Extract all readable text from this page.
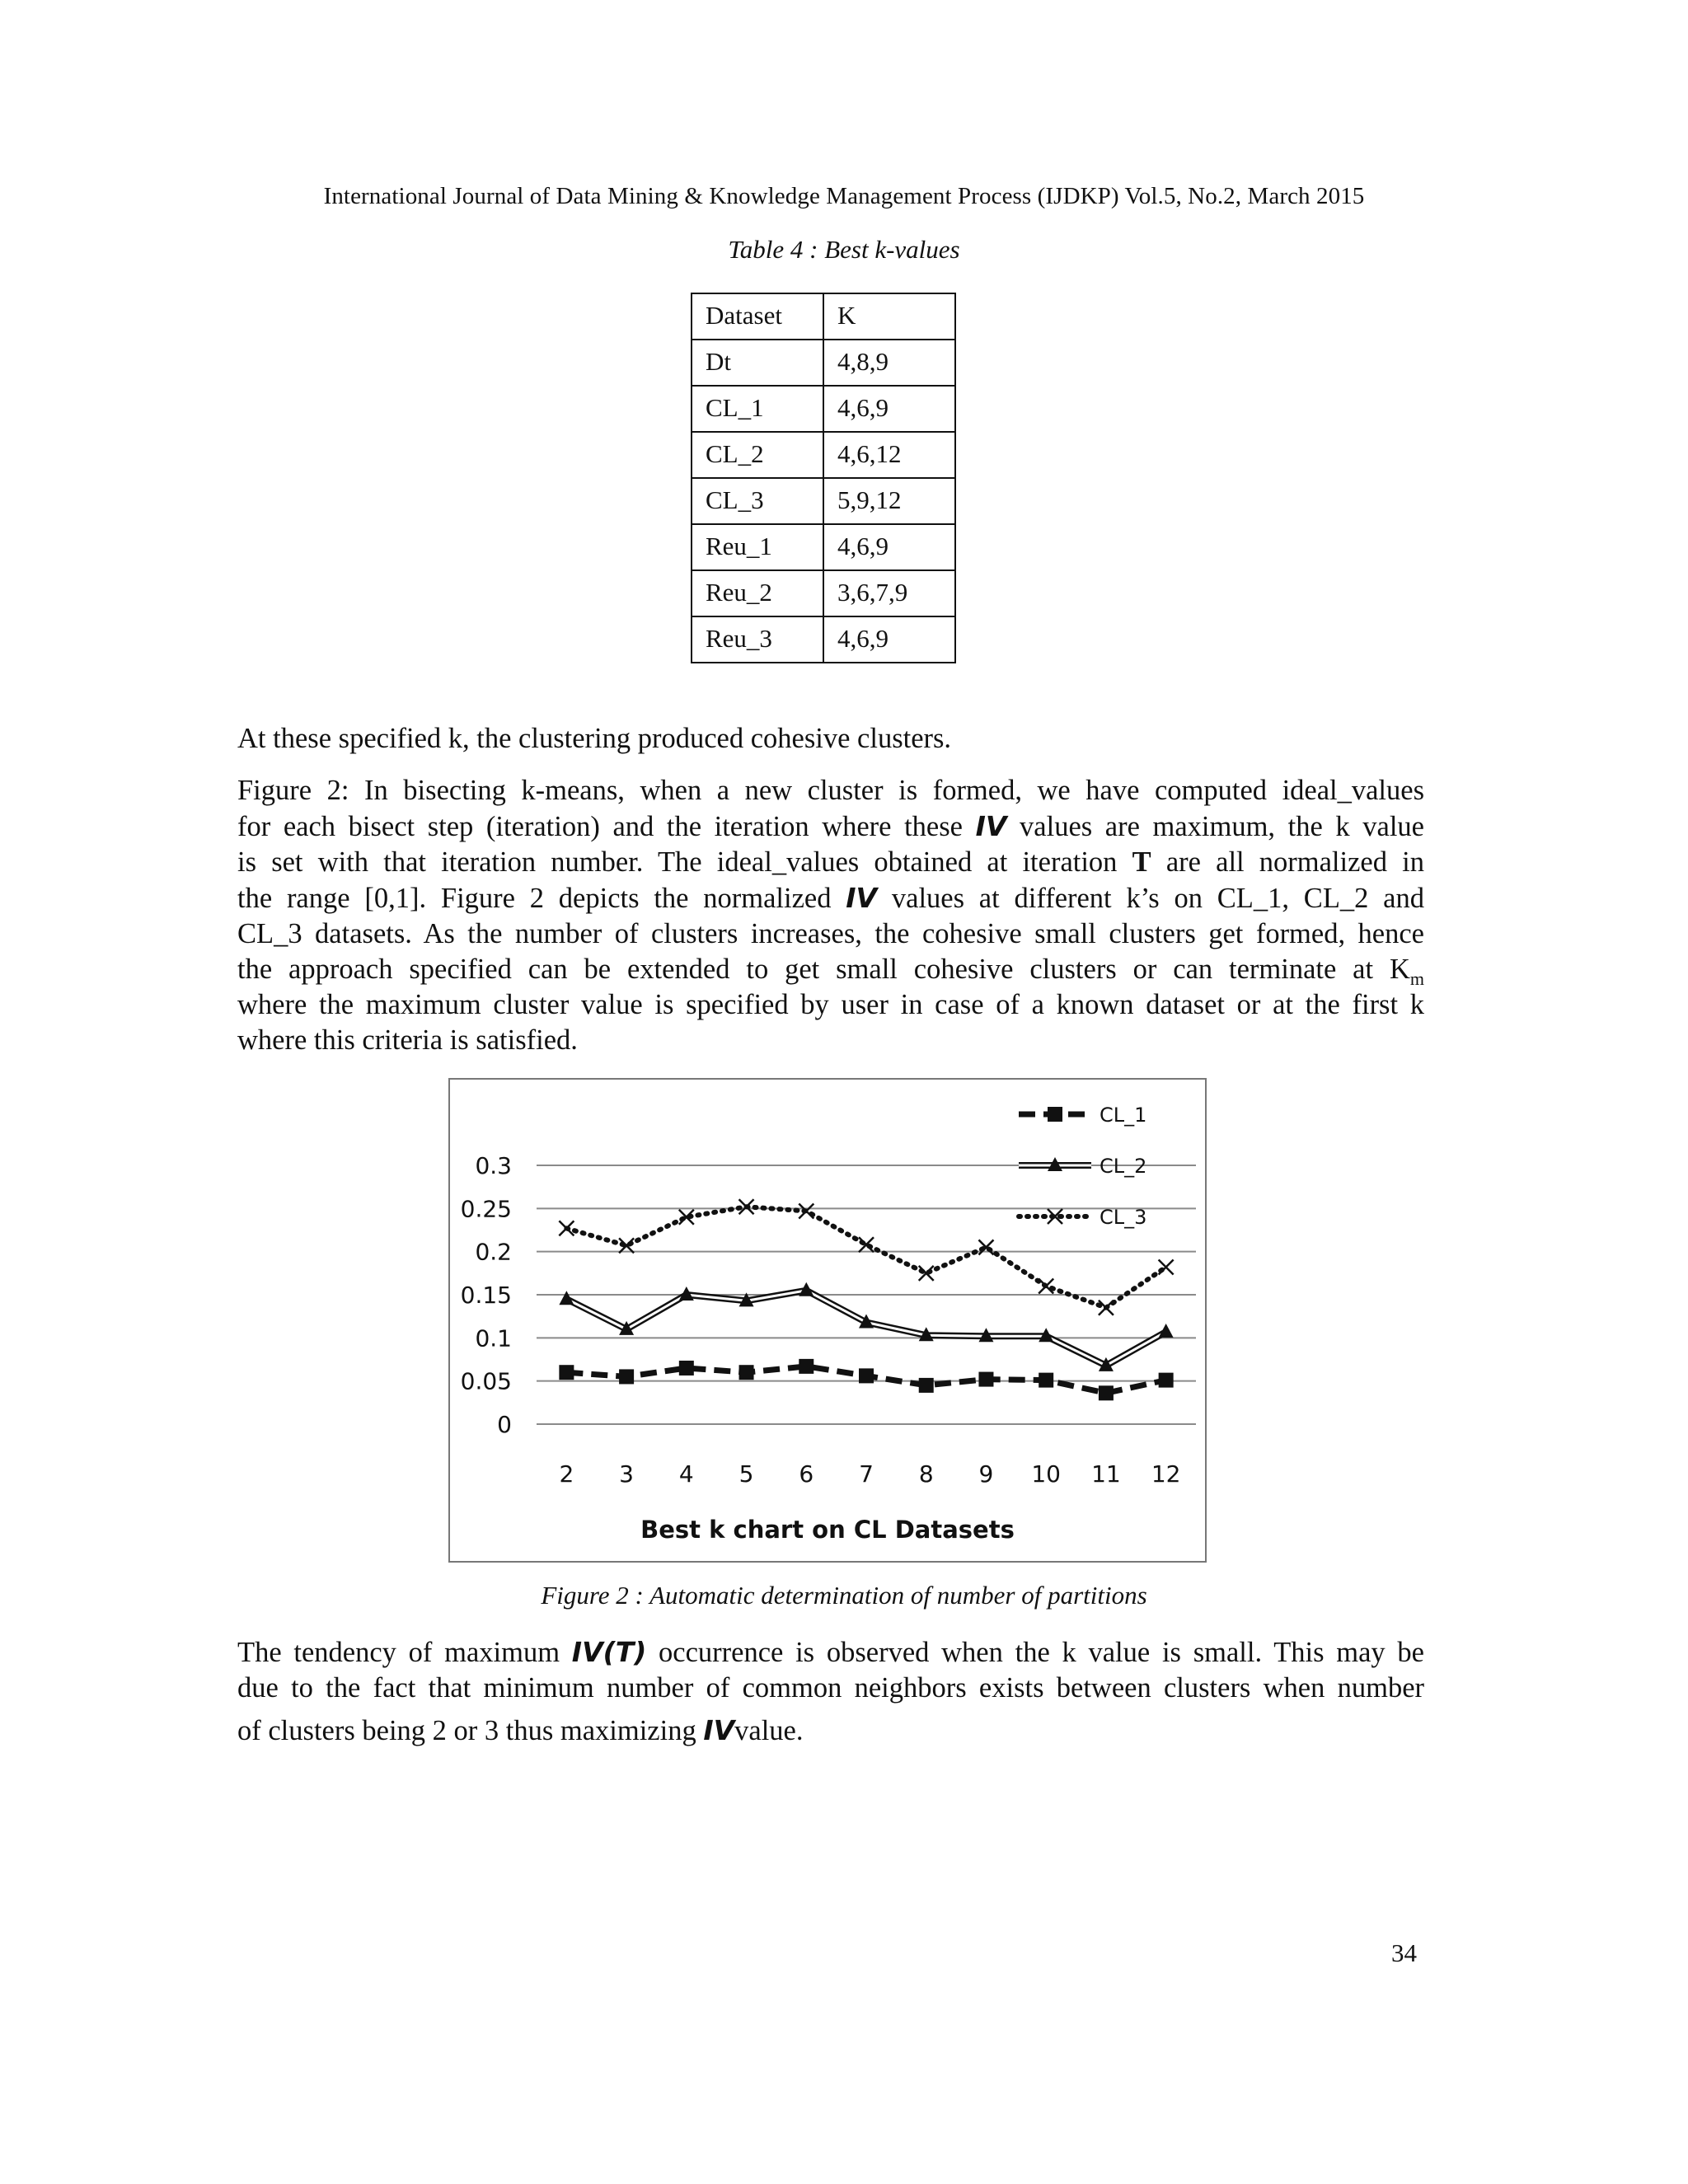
International Journal of Data Mining & Knowledge Management Process (IJDKP) Vol.5, No.2, March 2015
Table 4 : Best k-values
Dataset	K
Dt	4,8,9
CL_1	4,6,9
CL_2	4,6,12
CL_3	5,9,12
Reu_1	4,6,9
Reu_2	3,6,7,9
Reu_3	4,6,9
At these specified k, the clustering produced cohesive clusters.
Figure 2: In bisecting k-means, when a new cluster is formed, we have computed ideal_values
for each bisect step (iteration) and the iteration where these IV values are maximum, the k value
is set with that iteration number. The ideal_values obtained at iteration T are all normalized in
the range [0,1]. Figure 2 depicts the normalized IV values at different k’s on CL_1, CL_2 and
CL_3 datasets. As the number of clusters increases, the cohesive small clusters get formed, hence
the approach specified can be extended to get small cohesive clusters or can terminate at $K_m$
where the maximum cluster value is specified by user in case of a known dataset or at the first k
where this criteria is satisfied.
0.3
0.25
0.2
0.15
0.1
0.05
0
2 3 4 5 6 7 8 9 10 11 12
Best k chart on CL Datasets
CL_1
CL_2
CL_3
Figure 2 : Automatic determination of number of partitions
The tendency of maximum IV(T) occurrence is observed when the k value is small. This may be
due to the fact that minimum number of common neighbors exists between clusters when number
of clusters being 2 or 3 thus maximizing IVvalue.
34
